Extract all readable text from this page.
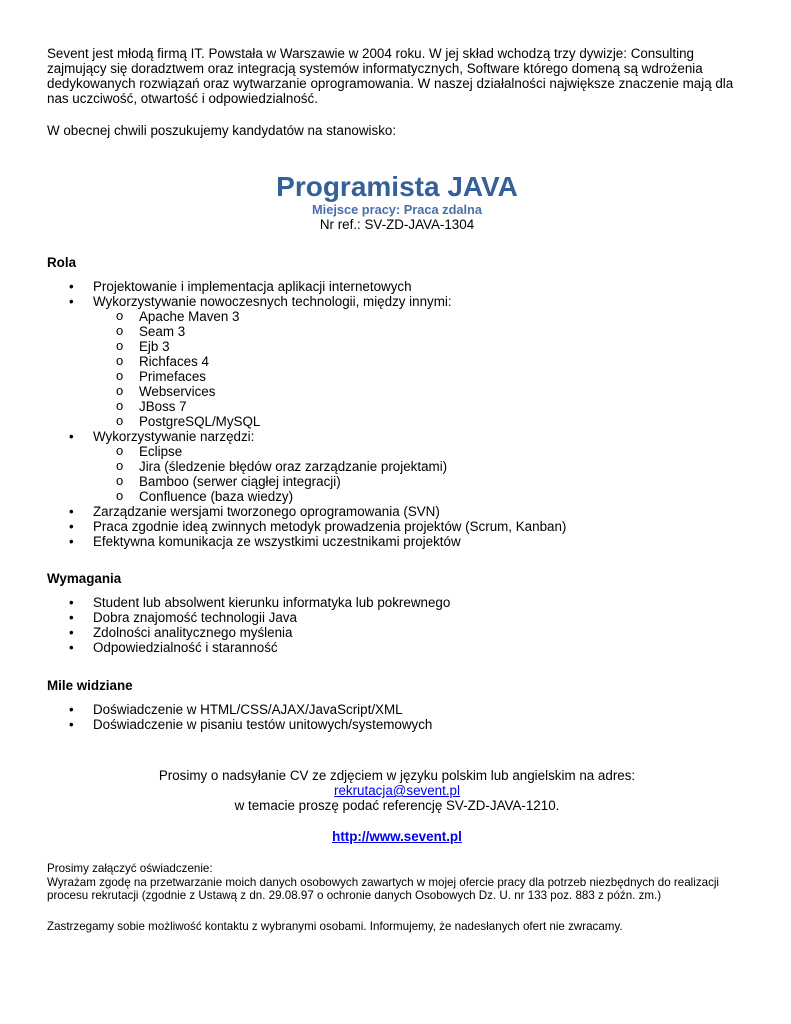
Sevent jest młodą firmą IT. Powstała w Warszawie w 2004 roku. W jej skład wchodzą trzy dywizje: Consulting zajmujący się doradztwem oraz integracją systemów informatycznych, Software którego domeną są wdrożenia dedykowanych rozwiązań oraz wytwarzanie oprogramowania. W naszej działalności największe znaczenie mają dla nas uczciwość, otwartość i odpowiedzialność.

W obecnej chwili poszukujemy kandydatów na stanowisko:

Programista JAVA
Miejsce pracy: Praca zdalna
Nr ref.: SV-ZD-JAVA-1304
Rola
• Projektowanie i implementacja aplikacji internetowych
• Wykorzystywanie nowoczesnych technologii, między innymi:
o Apache Maven 3
o Seam 3
o Ejb 3
o Richfaces 4
o Primefaces
o Webservices
o JBoss 7
o PostgreSQL/MySQL
• Wykorzystywanie narzędzi:
o Eclipse
o Jira (śledzenie błędów oraz zarządzanie projektami)
o Bamboo (serwer ciągłej integracji)
o Confluence (baza wiedzy)
• Zarządzanie wersjami tworzonego oprogramowania (SVN)
• Praca zgodnie ideą zwinnych metodyk prowadzenia projektów (Scrum, Kanban)
• Efektywna komunikacja ze wszystkimi uczestnikami projektów
Wymagania
• Student lub absolwent kierunku informatyka lub pokrewnego
• Dobra znajomość technologii Java
• Zdolności analitycznego myślenia
• Odpowiedzialność i staranność
Mile widziane
• Doświadczenie w HTML/CSS/AJAX/JavaScript/XML
• Doświadczenie w pisaniu testów unitowych/systemowych
Prosimy o nadsyłanie CV ze zdjęciem w języku polskim lub angielskim na adres:
rekrutacja@sevent.pl
w temacie proszę podać referencję SV-ZD-JAVA-1210.
http://www.sevent.pl
Prosimy załączyć oświadczenie:
Wyrażam zgodę na przetwarzanie moich danych osobowych zawartych w mojej ofercie pracy dla potrzeb niezbędnych do realizacji procesu rekrutacji (zgodnie z Ustawą z dn. 29.08.97 o ochronie danych Osobowych Dz. U. nr 133 poz. 883 z późn. zm.)
Zastrzegamy sobie możliwość kontaktu z wybranymi osobami. Informujemy, że nadesłanych ofert nie zwracamy.
